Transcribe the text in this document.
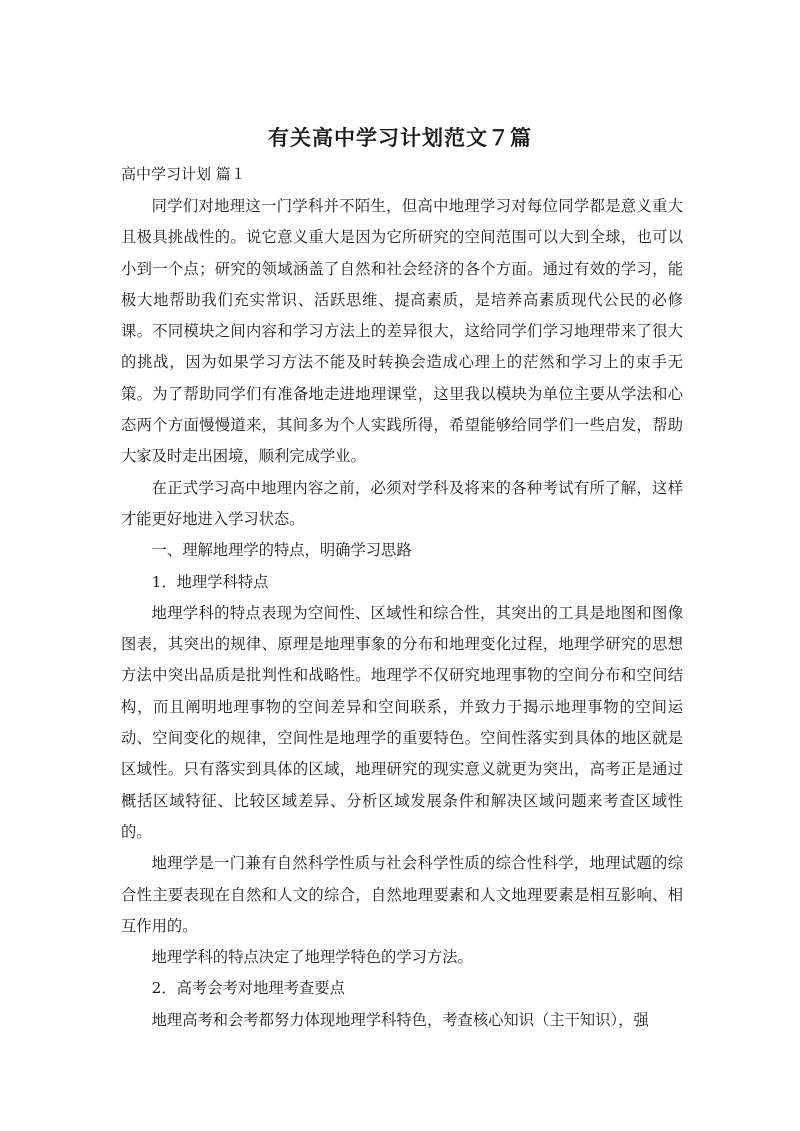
有关高中学习计划范文７篇
高中学习计划 篇１

同学们对地理这一门学科并不陌生，但高中地理学习对每位同学都是意义重大且极具挑战性的。说它意义重大是因为它所研究的空间范围可以大到全球，也可以小到一个点；研究的领域涵盖了自然和社会经济的各个方面。通过有效的学习，能极大地帮助我们充实常识、活跃思维、提高素质，是培养高素质现代公民的必修课。不同模块之间内容和学习方法上的差异很大，这给同学们学习地理带来了很大的挑战，因为如果学习方法不能及时转换会造成心理上的茫然和学习上的束手无策。为了帮助同学们有准备地走进地理课堂，这里我以模块为单位主要从学法和心态两个方面慢慢道来，其间多为个人实践所得，希望能够给同学们一些启发，帮助大家及时走出困境，顺利完成学业。

在正式学习高中地理内容之前，必须对学科及将来的各种考试有所了解，这样才能更好地进入学习状态。

一、理解地理学的特点，明确学习思路

1．地理学科特点

地理学科的特点表现为空间性、区域性和综合性，其突出的工具是地图和图像图表，其突出的规律、原理是地理事象的分布和地理变化过程，地理学研究的思想方法中突出品质是批判性和战略性。地理学不仅研究地理事物的空间分布和空间结构，而且阐明地理事物的空间差异和空间联系，并致力于揭示地理事物的空间运动、空间变化的规律，空间性是地理学的重要特色。空间性落实到具体的地区就是区域性。只有落实到具体的区域，地理研究的现实意义就更为突出，高考正是通过概括区域特征、比较区域差异、分析区域发展条件和解决区域问题来考查区域性的。

地理学是一门兼有自然科学性质与社会科学性质的综合性科学，地理试题的综合性主要表现在自然和人文的综合，自然地理要素和人文地理要素是相互影响、相互作用的。

地理学科的特点决定了地理学特色的学习方法。

2．高考会考对地理考查要点

地理高考和会考都努力体现地理学科特色，考查核心知识（主干知识），强
